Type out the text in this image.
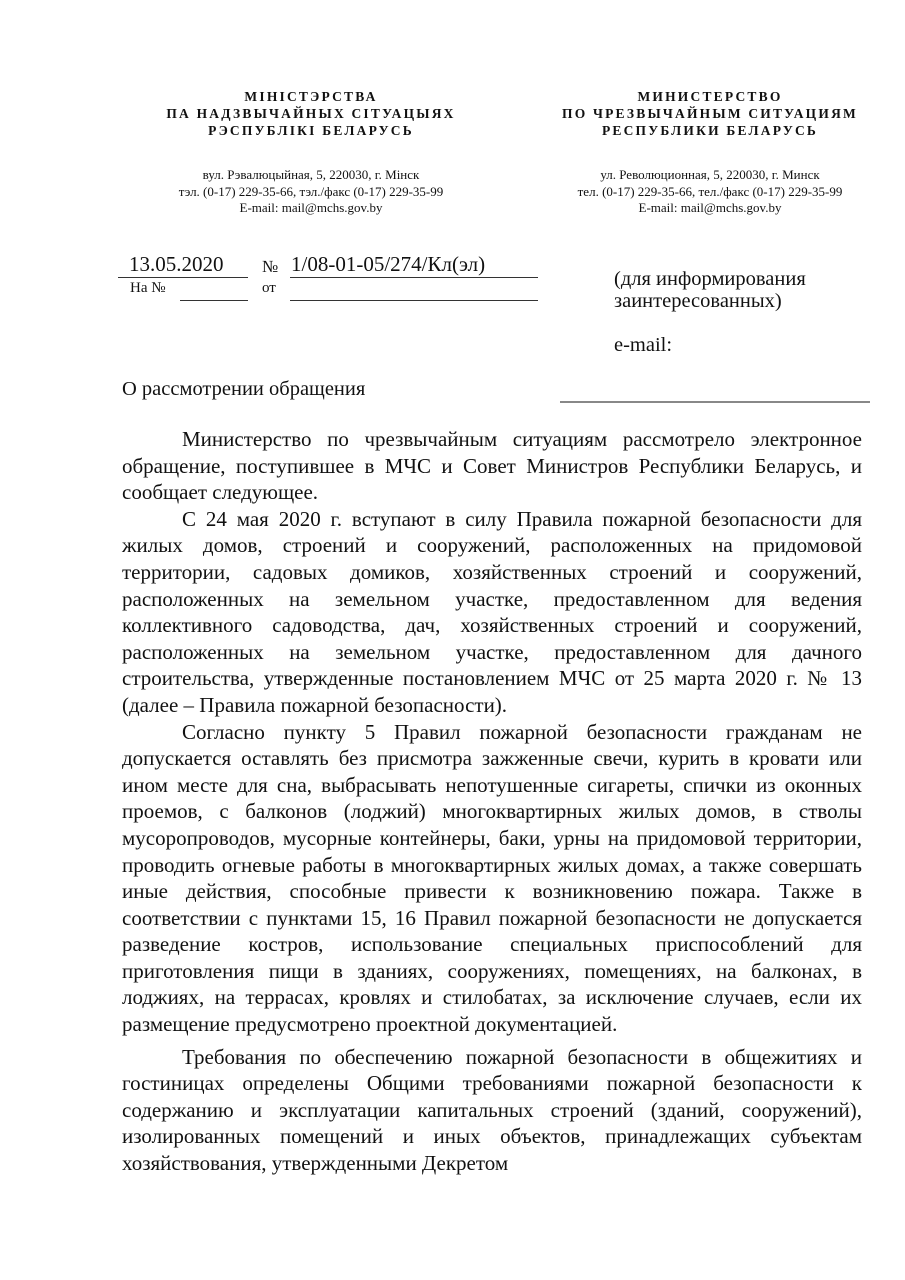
МІНІСТЭРСТВА
ПА НАДЗВЫЧАЙНЫХ СІТУАЦЫЯХ
РЭСПУБЛІКІ БЕЛАРУСЬ
вул. Рэвалюцыйная, 5, 220030, г. Мінск
тэл. (0-17) 229-35-66, тэл./факс (0-17) 229-35-99
E-mail: mail@mchs.gov.by
МИНИСТЕРСТВО
ПО ЧРЕЗВЫЧАЙНЫМ СИТУАЦИЯМ
РЕСПУБЛИКИ БЕЛАРУСЬ
ул. Революционная, 5, 220030, г. Минск
тел. (0-17) 229-35-66, тел./факс (0-17) 229-35-99
E-mail: mail@mchs.gov.by
13.05.2020 № 1/08-01-05/274/Кл(эл)
На №	от	(для информирования
заинтересованных)
e-mail:
О рассмотрении обращения

Министерство по чрезвычайным ситуациям рассмотрело электронное обращение, поступившее в МЧС и Совет Министров Республики Беларусь, и сообщает следующее.

С 24 мая 2020 г. вступают в силу Правила пожарной безопасности для жилых домов, строений и сооружений, расположенных на придомовой территории, садовых домиков, хозяйственных строений и сооружений, расположенных на земельном участке, предоставленном для ведения коллективного садоводства, дач, хозяйственных строений и сооружений, расположенных на земельном участке, предоставленном для дачного строительства, утвержденные постановлением МЧС от 25 марта 2020 г. № 13 (далее – Правила пожарной безопасности).

Согласно пункту 5 Правил пожарной безопасности гражданам не допускается оставлять без присмотра зажженные свечи, курить в кровати или ином месте для сна, выбрасывать непотушенные сигареты, спички из оконных проемов, с балконов (лоджий) многоквартирных жилых домов, в стволы мусоропроводов, мусорные контейнеры, баки, урны на придомовой территории, проводить огневые работы в многоквартирных жилых домах, а также совершать иные действия, способные привести к возникновению пожара. Также в соответствии с пунктами 15, 16 Правил пожарной безопасности не допускается разведение костров, использование специальных приспособлений для приготовления пищи в зданиях, сооружениях, помещениях, на балконах, в лоджиях, на террасах, кровлях и стилобатах, за исключение случаев, если их размещение предусмотрено проектной документацией.

Требования по обеспечению пожарной безопасности в общежитиях и гостиницах определены Общими требованиями пожарной безопасности к содержанию и эксплуатации капитальных строений (зданий, сооружений), изолированных помещений и иных объектов, принадлежащих субъектам хозяйствования, утвержденными Декретом
